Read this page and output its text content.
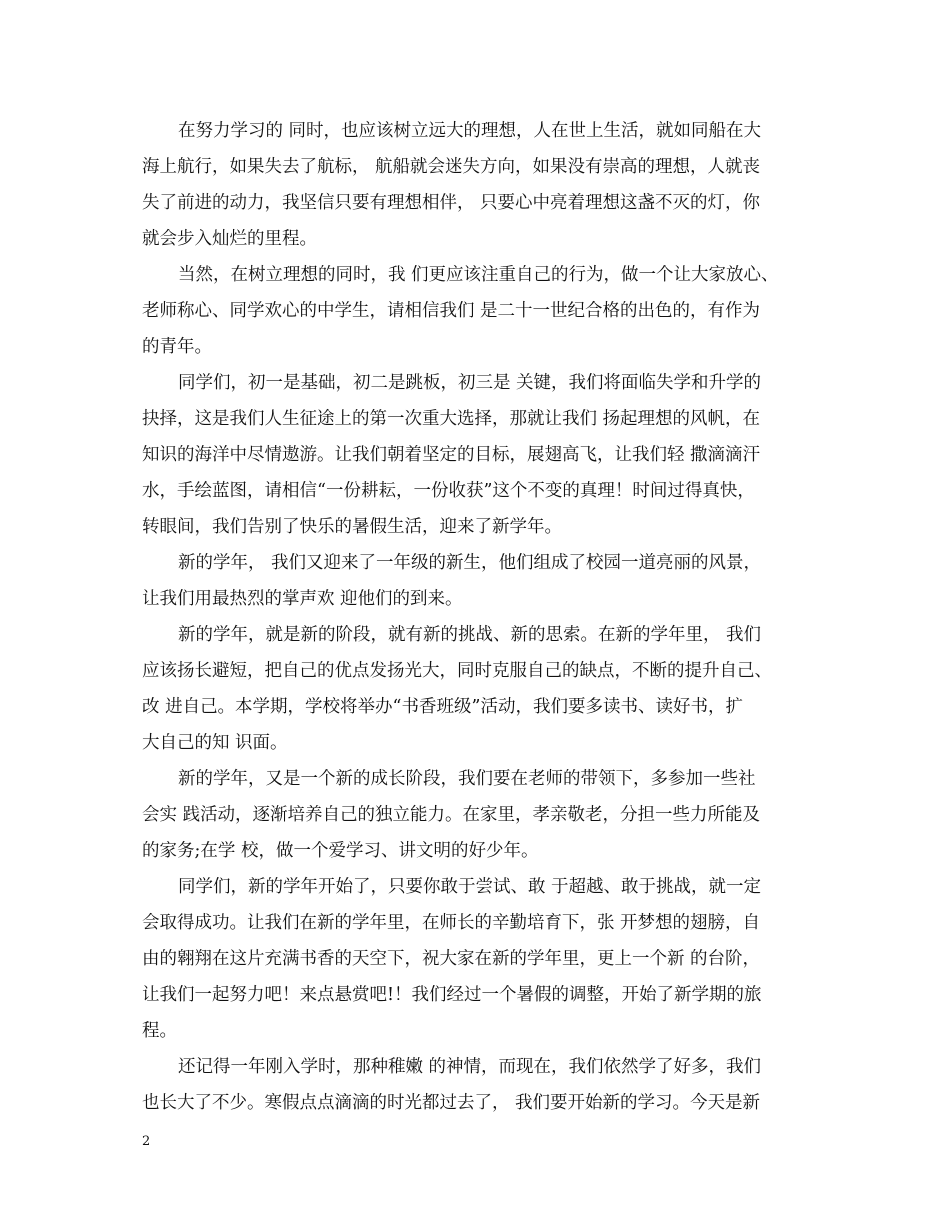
在努力学习的 同时，也应该树立远大的理想，人在世上生活，就如同船在大
海上航行，如果失去了航标， 航船就会迷失方向，如果没有崇高的理想，人就丧
失了前进的动力，我坚信只要有理想相伴， 只要心中亮着理想这盏不灭的灯，你
就会步入灿烂的里程。
当然，在树立理想的同时，我 们更应该注重自己的行为，做一个让大家放心、
老师称心、同学欢心的中学生，请相信我们 是二十一世纪合格的出色的，有作为
的青年。
同学们，初一是基础，初二是跳板，初三是 关键，我们将面临失学和升学的
抉择，这是我们人生征途上的第一次重大选择，那就让我们 扬起理想的风帆，在
知识的海洋中尽情遨游。让我们朝着坚定的目标，展翅高飞，让我们轻 撒滴滴汗
水，手绘蓝图，请相信“一份耕耘，一份收获”这个不变的真理！时间过得真快，
转眼间，我们告别了快乐的暑假生活，迎来了新学年。
新的学年， 我们又迎来了一年级的新生，他们组成了校园一道亮丽的风景，
让我们用最热烈的掌声欢 迎他们的到来。
新的学年，就是新的阶段，就有新的挑战、新的思索。在新的学年里， 我们
应该扬长避短，把自己的优点发扬光大，同时克服自己的缺点，不断的提升自己、
改 进自己。本学期，学校将举办“书香班级”活动，我们要多读书、读好书，扩
大自己的知 识面。
新的学年，又是一个新的成长阶段，我们要在老师的带领下，多参加一些社
会实 践活动，逐渐培养自己的独立能力。在家里，孝亲敬老，分担一些力所能及
的家务;在学 校，做一个爱学习、讲文明的好少年。
同学们，新的学年开始了，只要你敢于尝试、敢 于超越、敢于挑战，就一定
会取得成功。让我们在新的学年里，在师长的辛勤培育下，张 开梦想的翅膀，自
由的翱翔在这片充满书香的天空下，祝大家在新的学年里，更上一个新 的台阶，
让我们一起努力吧！来点悬赏吧!！我们经过一个暑假的调整，开始了新学期的旅
程。
还记得一年刚入学时，那种稚嫩 的神情，而现在，我们依然学了好多，我们
也长大了不少。寒假点点滴滴的时光都过去了， 我们要开始新的学习。今天是新
2
